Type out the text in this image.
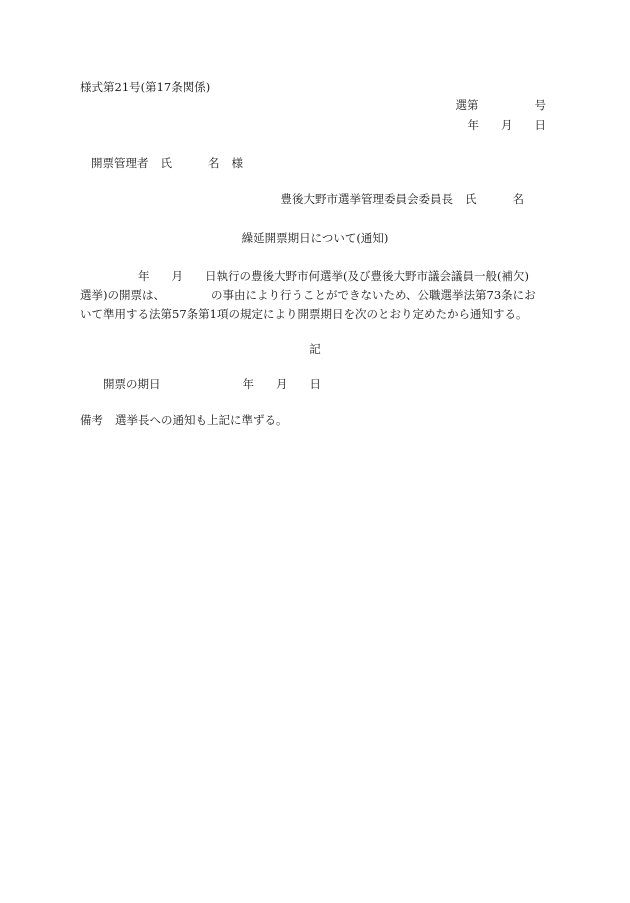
様式第21号(第17条関係)
選第	号
年 月 日
開票管理者 氏	名 様
豊後大野市選挙管理委員会委員長 氏	名
繰延開票期日について(通知)
年 月 日執行の豊後大野市何選挙(及び豊後大野市議会議員一般(補欠)
選挙)の開票は、	の事由により行うことができないため、公職選挙法第73条にお
いて準用する法第57条第1項の規定により開票期日を次のとおり定めたから通知する。
記
開票の期日	年 月 日
備考 選挙長への通知も上記に準ずる。
